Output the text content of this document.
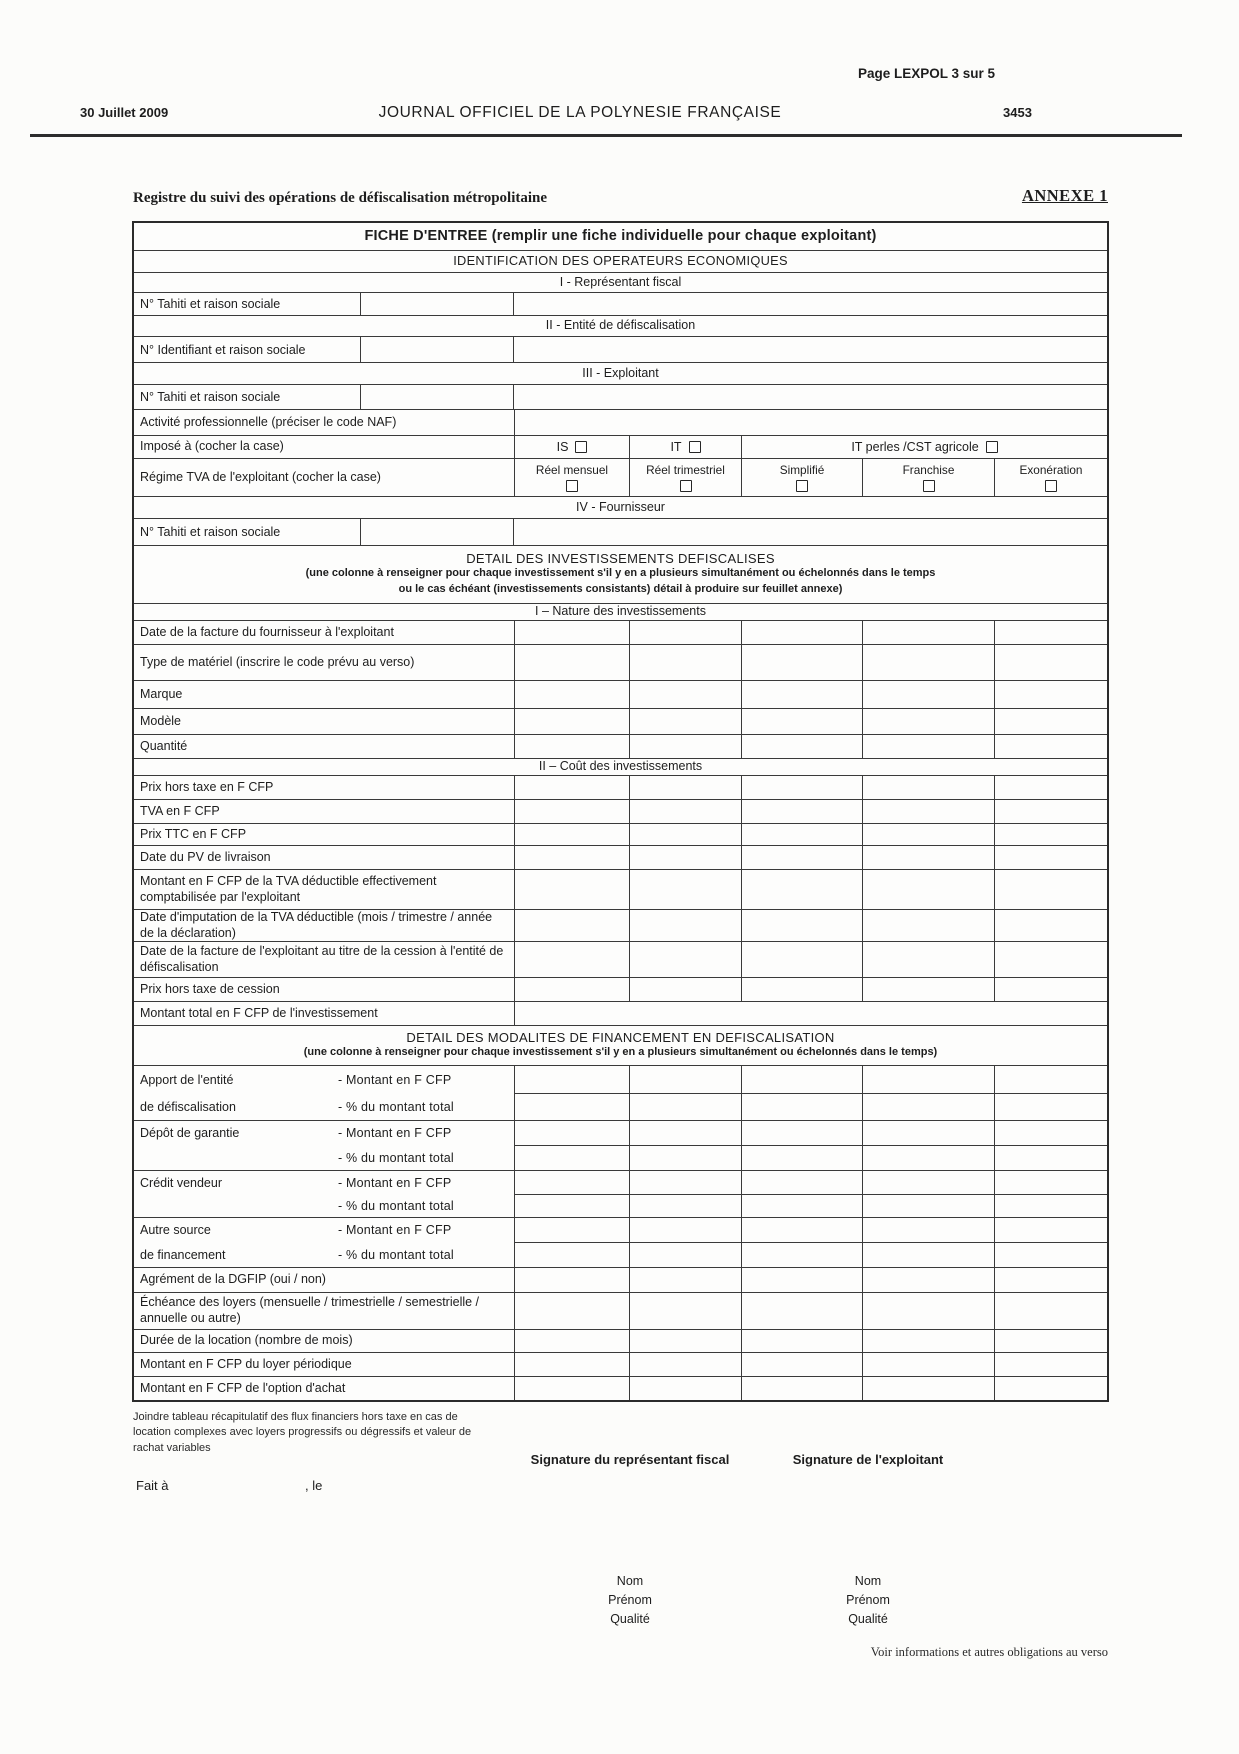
Page LEXPOL 3 sur 5
30 Juillet 2009	JOURNAL OFFICIEL DE LA POLYNESIE FRANÇAISE	3453
Registre du suivi des opérations de défiscalisation métropolitaine	ANNEXE 1
FICHE D'ENTREE (remplir une fiche individuelle pour chaque exploitant)
IDENTIFICATION DES OPERATEURS ECONOMIQUES
I - Représentant fiscal
N° Tahiti et raison sociale
II - Entité de défiscalisation
N° Identifiant et raison sociale
III - Exploitant
N° Tahiti et raison sociale
Activité professionnelle (préciser le code NAF)
Imposé à (cocher la case)	IS	IT	IT perles /CST agricole
Régime TVA de l'exploitant (cocher la case)	Réel mensuel	Réel trimestriel	Simplifié	Franchise	Exonération
IV - Fournisseur
N° Tahiti et raison sociale
DETAIL DES INVESTISSEMENTS DEFISCALISES
(une colonne à renseigner pour chaque investissement s'il y en a plusieurs simultanément ou échelonnés dans le temps
ou le cas échéant (investissements consistants) détail à produire sur feuillet annexe)
I – Nature des investissements
Date de la facture du fournisseur à l'exploitant
Type de matériel (inscrire le code prévu au verso)
Marque
Modèle
Quantité
II – Coût des investissements
Prix hors taxe en F CFP
TVA en F CFP
Prix TTC en F CFP
Date du PV de livraison
Montant en F CFP de la TVA déductible effectivement comptabilisée par l'exploitant
Date d'imputation de la TVA déductible (mois / trimestre / année de la déclaration)
Date de la facture de l'exploitant au titre de la cession à l'entité de défiscalisation
Prix hors taxe de cession
Montant total en F CFP de l'investissement
DETAIL DES MODALITES DE FINANCEMENT EN DEFISCALISATION
(une colonne à renseigner pour chaque investissement s'il y en a plusieurs simultanément ou échelonnés dans le temps)
Apport de l'entité	- Montant en F CFP
de défiscalisation	- % du montant total
Dépôt de garantie	- Montant en F CFP
- % du montant total
Crédit vendeur	- Montant en F CFP
- % du montant total
Autre source	- Montant en F CFP
de financement	- % du montant total
Agrément de la DGFIP (oui / non)
Échéance des loyers (mensuelle / trimestrielle / semestrielle / annuelle ou autre)
Durée de la location (nombre de mois)
Montant en F CFP du loyer périodique
Montant en F CFP de l'option d'achat
Joindre tableau récapitulatif des flux financiers hors taxe en cas de location complexes avec loyers progressifs ou dégressifs et valeur de rachat variables
Signature du représentant fiscal	Signature de l'exploitant
Fait à	, le
Nom
Prénom
Qualité
Nom
Prénom
Qualité
Voir informations et autres obligations au verso
